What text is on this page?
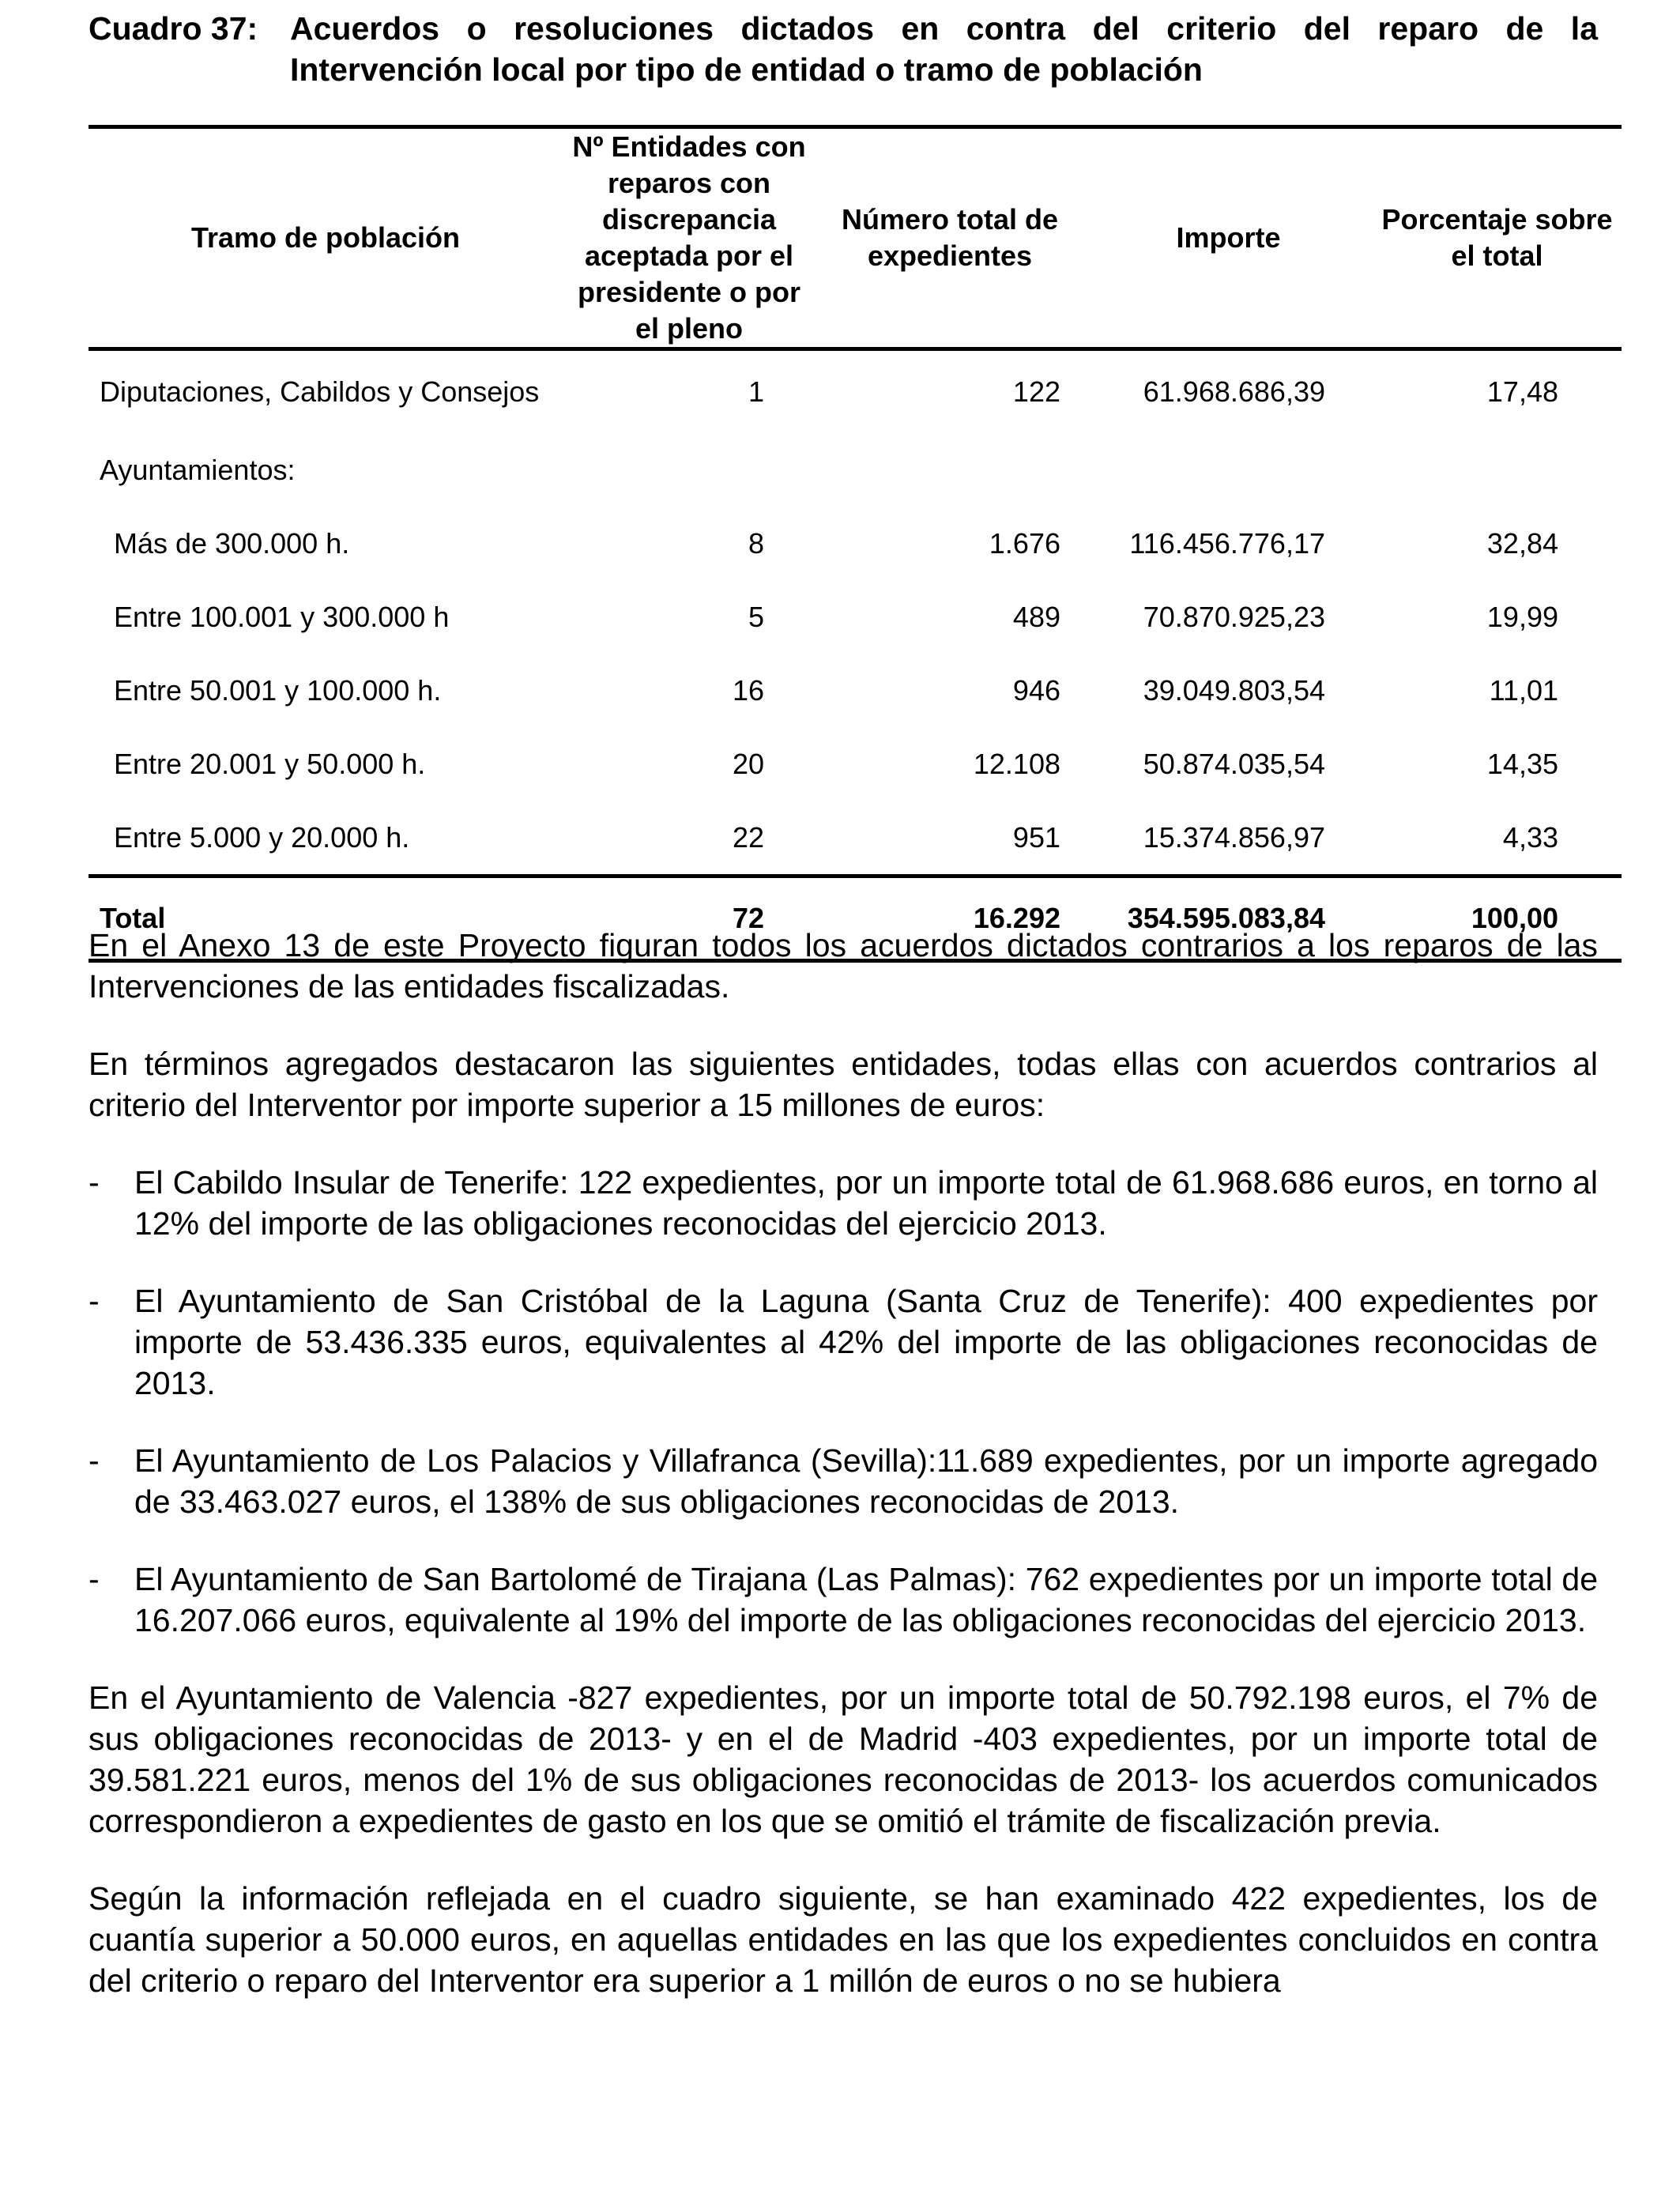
Cuadro 37: Acuerdos o resoluciones dictados en contra del criterio del reparo de la Intervención local por tipo de entidad o tramo de población
Tramo de población	Nº Entidades con reparos con discrepancia aceptada por el presidente o por el pleno	Número total de expedientes	Importe	Porcentaje sobre el total
Diputaciones, Cabildos y Consejos	1	122	61.968.686,39	17,48
Ayuntamientos:				
Más de 300.000 h.	8	1.676	116.456.776,17	32,84
Entre 100.001 y 300.000 h	5	489	70.870.925,23	19,99
Entre 50.001 y 100.000 h.	16	946	39.049.803,54	11,01
Entre 20.001 y 50.000 h.	20	12.108	50.874.035,54	14,35
Entre 5.000 y 20.000 h.	22	951	15.374.856,97	4,33
Total	72	16.292	354.595.083,84	100,00

En el Anexo 13 de este Proyecto figuran todos los acuerdos dictados contrarios a los reparos de las Intervenciones de las entidades fiscalizadas.

En términos agregados destacaron las siguientes entidades, todas ellas con acuerdos contrarios al criterio del Interventor por importe superior a 15 millones de euros:

- El Cabildo Insular de Tenerife: 122 expedientes, por un importe total de 61.968.686 euros, en torno al 12% del importe de las obligaciones reconocidas del ejercicio 2013.
- El Ayuntamiento de San Cristóbal de la Laguna (Santa Cruz de Tenerife): 400 expedientes por importe de 53.436.335 euros, equivalentes al 42% del importe de las obligaciones reconocidas de 2013.
- El Ayuntamiento de Los Palacios y Villafranca (Sevilla):11.689 expedientes, por un importe agregado de 33.463.027 euros, el 138% de sus obligaciones reconocidas de 2013.
- El Ayuntamiento de San Bartolomé de Tirajana (Las Palmas): 762 expedientes por un importe total de 16.207.066 euros, equivalente al 19% del importe de las obligaciones reconocidas del ejercicio 2013.

En el Ayuntamiento de Valencia -827 expedientes, por un importe total de 50.792.198 euros, el 7% de sus obligaciones reconocidas de 2013- y en el de Madrid -403 expedientes, por un importe total de 39.581.221 euros, menos del 1% de sus obligaciones reconocidas de 2013- los acuerdos comunicados correspondieron a expedientes de gasto en los que se omitió el trámite de fiscalización previa.

Según la información reflejada en el cuadro siguiente, se han examinado 422 expedientes, los de cuantía superior a 50.000 euros, en aquellas entidades en las que los expedientes concluidos en contra del criterio o reparo del Interventor era superior a 1 millón de euros o no se hubiera
